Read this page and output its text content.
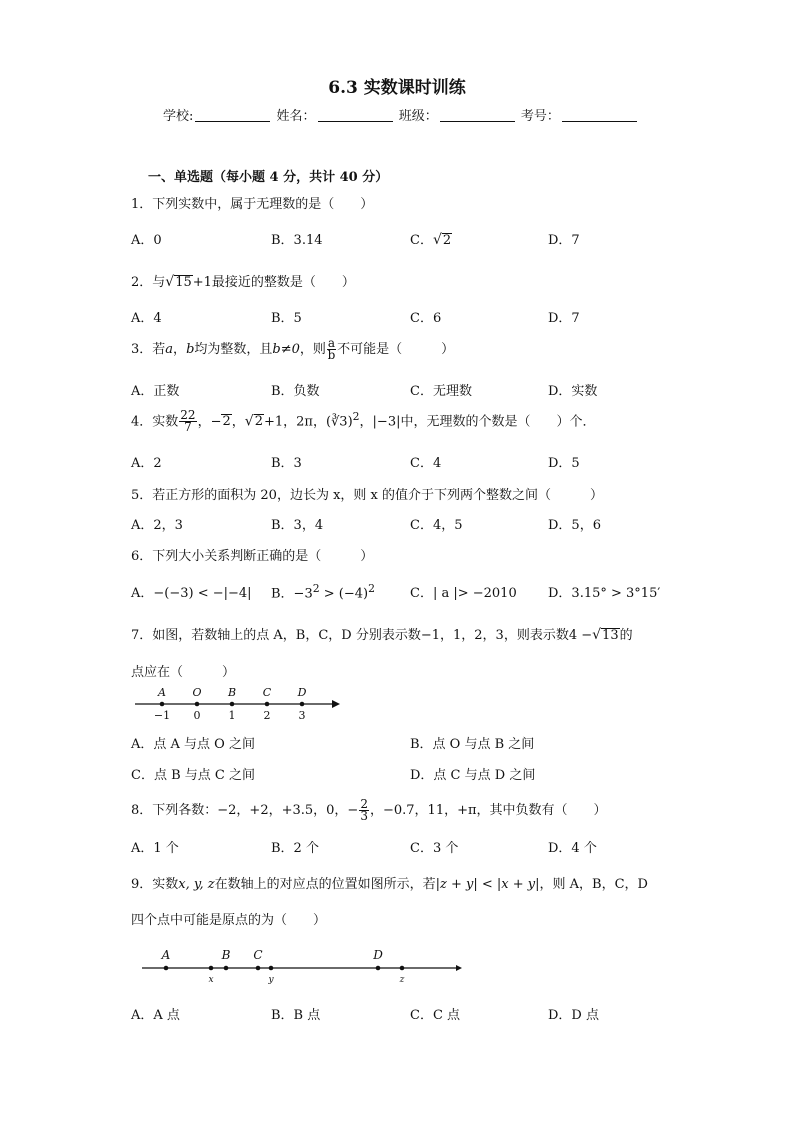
6.3 实数课时训练
学校:	姓名：	班级：	考号：
一、单选题（每小题 4 分，共计 40 分）
1．下列实数中，属于无理数的是（　　）
A．0	B．3.14	C．√2	D．7
2．与√15+1最接近的整数是（　　）
A．4	B．5	C．6	D．7
3．若a，b均为整数，且b≠0，则 $\frac{a}{b}$ 不可能是（　　　）
A．正数	B．负数	C．无理数	D．实数
4．实数 $\frac{22}{7}$ ，−2，√2+1，2π，(∛3)$^2$，|−3|中，无理数的个数是（　　）个．
A．2	B．3	C．4	D．5
5．若正方形的面积为 20，边长为 x，则 x 的值介于下列两个整数之间（　　　）
A．2，3	B．3，4	C．4，5	D．5，6
6．下列大小关系判断正确的是（　　　）
A．−(−3) < −|−4| B．$-3^2 > (-4)^2$	C．| a |> −2010 D．3.15° > 3°15′
7．如图，若数轴上的点 A，B，C，D 分别表示数−1，1，2，3，则表示数4 −√13的
点应在（　　　）
A
−1
O
0
B
1
C
2
D
3
A．点 A 与点 O 之间	B．点 O 与点 B 之间
C．点 B 与点 C 之间	D．点 C 与点 D 之间
8．下列各数：−2，+2，+3.5，0，− $\frac{2}{3}$ ，−0.7，11，+π，其中负数有（　　）
A．1 个	B．2 个	C．3 个	D．4 个
9．实数x, y, z在数轴上的对应点的位置如图所示，若|z + y| < |x + y|，则 A，B，C，D
四个点中可能是原点的为（　　）
A	B C	D
x	y	z
A．A 点	B．B 点	C．C 点	D．D 点
